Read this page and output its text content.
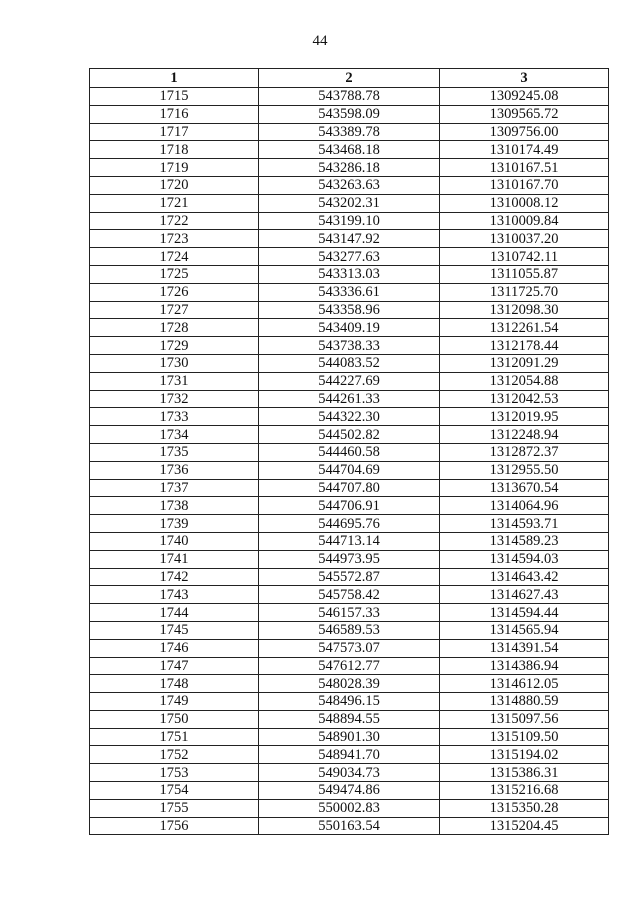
44
1	2	3
1715	543788.78	1309245.08
1716	543598.09	1309565.72
1717	543389.78	1309756.00
1718	543468.18	1310174.49
1719	543286.18	1310167.51
1720	543263.63	1310167.70
1721	543202.31	1310008.12
1722	543199.10	1310009.84
1723	543147.92	1310037.20
1724	543277.63	1310742.11
1725	543313.03	1311055.87
1726	543336.61	1311725.70
1727	543358.96	1312098.30
1728	543409.19	1312261.54
1729	543738.33	1312178.44
1730	544083.52	1312091.29
1731	544227.69	1312054.88
1732	544261.33	1312042.53
1733	544322.30	1312019.95
1734	544502.82	1312248.94
1735	544460.58	1312872.37
1736	544704.69	1312955.50
1737	544707.80	1313670.54
1738	544706.91	1314064.96
1739	544695.76	1314593.71
1740	544713.14	1314589.23
1741	544973.95	1314594.03
1742	545572.87	1314643.42
1743	545758.42	1314627.43
1744	546157.33	1314594.44
1745	546589.53	1314565.94
1746	547573.07	1314391.54
1747	547612.77	1314386.94
1748	548028.39	1314612.05
1749	548496.15	1314880.59
1750	548894.55	1315097.56
1751	548901.30	1315109.50
1752	548941.70	1315194.02
1753	549034.73	1315386.31
1754	549474.86	1315216.68
1755	550002.83	1315350.28
1756	550163.54	1315204.45
